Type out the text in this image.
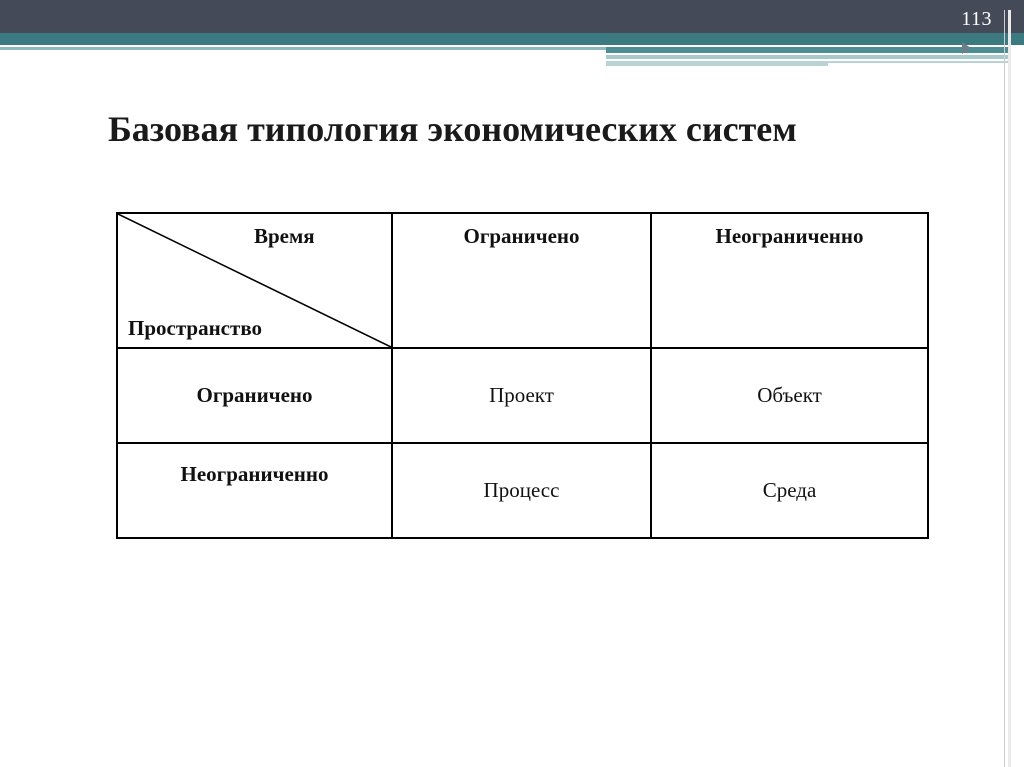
113
Базовая типология экономических систем
Время
Пространство	Ограничено	Неограниченно
Ограничено	Проект	Объект
Неограниченно	Процесс	Среда
